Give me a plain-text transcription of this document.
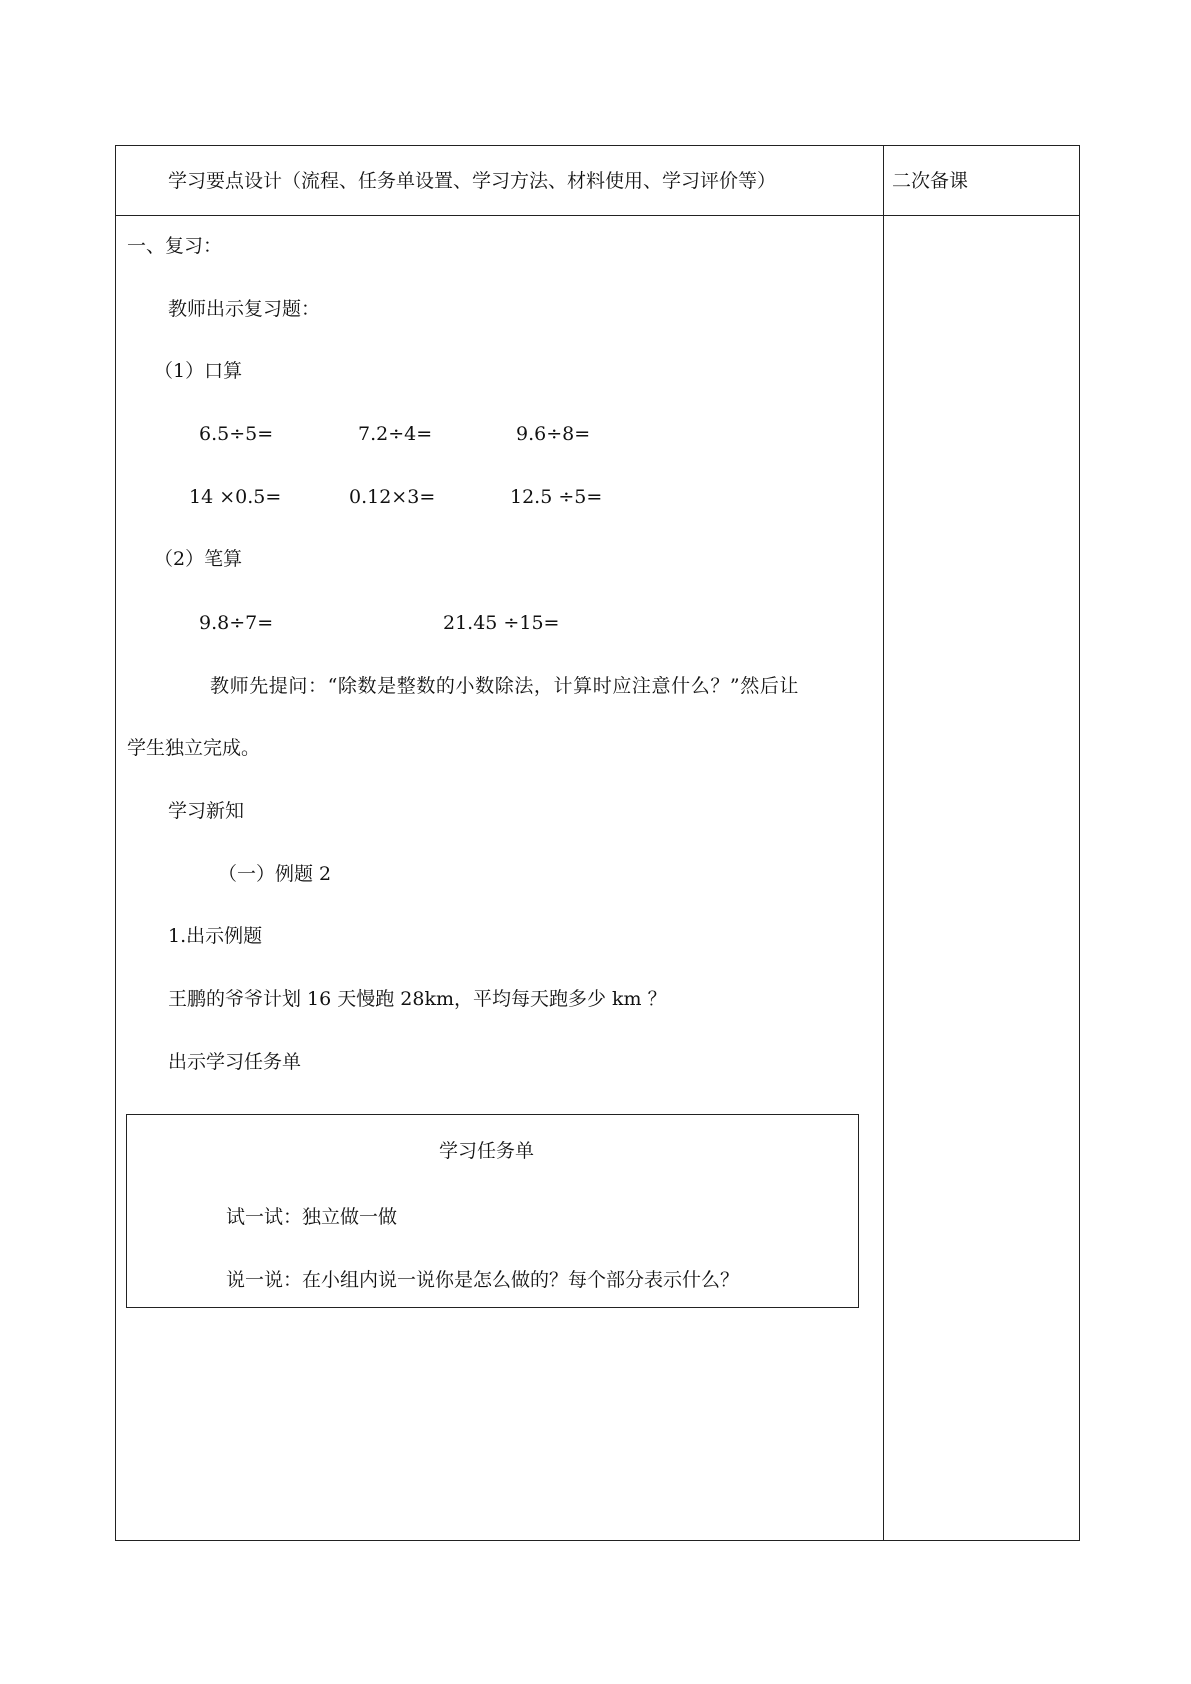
学习要点设计（流程、任务单设置、学习方法、材料使用、学习评价等）	二次备课
一、复习：
教师出示复习题：
（1）口算
6.5÷5=	7.2÷4=	9.6÷8=
14 ×0.5=	0.12×3=	12.5 ÷5=
（2）笔算
9.8÷7=	21.45 ÷15=
教师先提问：“除数是整数的小数除法，计算时应注意什么？”然后让
学生独立完成。
学习新知
（一）例题 2
1.出示例题
王鹏的爷爷计划 16 天慢跑 28km，平均每天跑多少 km ？
出示学习任务单
学习任务单
试一试：独立做一做
说一说：在小组内说一说你是怎么做的？每个部分表示什么？
